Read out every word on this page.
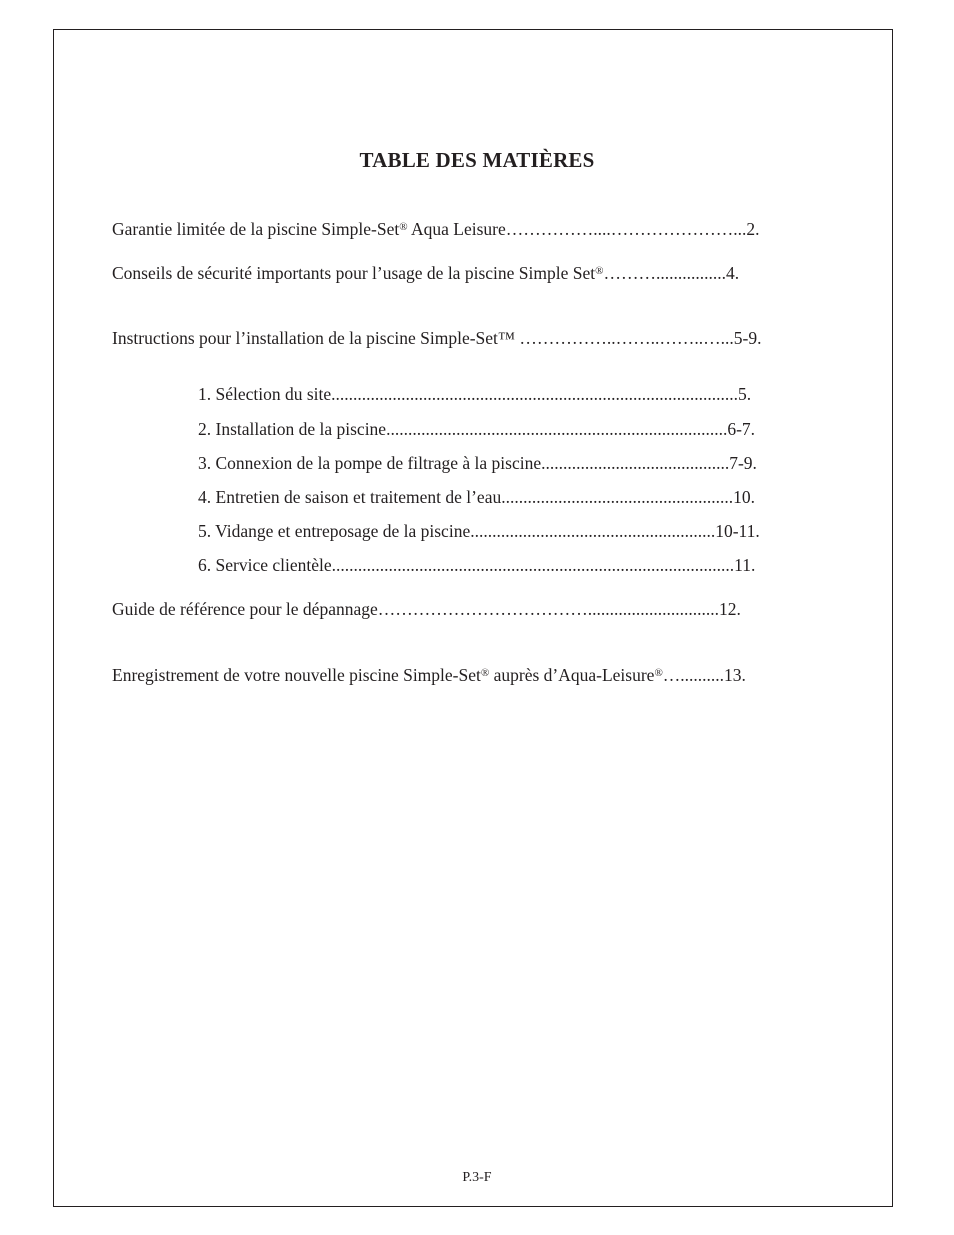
TABLE DES MATIÈRES
Garantie limitée de la piscine Simple-Set® Aqua Leisure……………....…………………...2.
Conseils de sécurité importants pour l’usage de la piscine Simple Set®………................4.
Instructions pour l’installation de la piscine Simple-Set™ ……………..……..……..…...5-9.
1. Sélection du site.............................................................................................5.
2. Installation de la piscine..............................................................................6-7.
3. Connexion de la pompe de filtrage à la piscine...........................................7-9.
4. Entretien de saison et traitement de l’eau.....................................................10.
5. Vidange et entreposage de la piscine........................................................10-11.
6. Service clientèle............................................................................................11.
Guide de référence pour le dépannage………………………………..............................12.
Enregistrement de votre nouvelle piscine Simple-Set® auprès d’Aqua-Leisure®…..........13.
P.3-F
